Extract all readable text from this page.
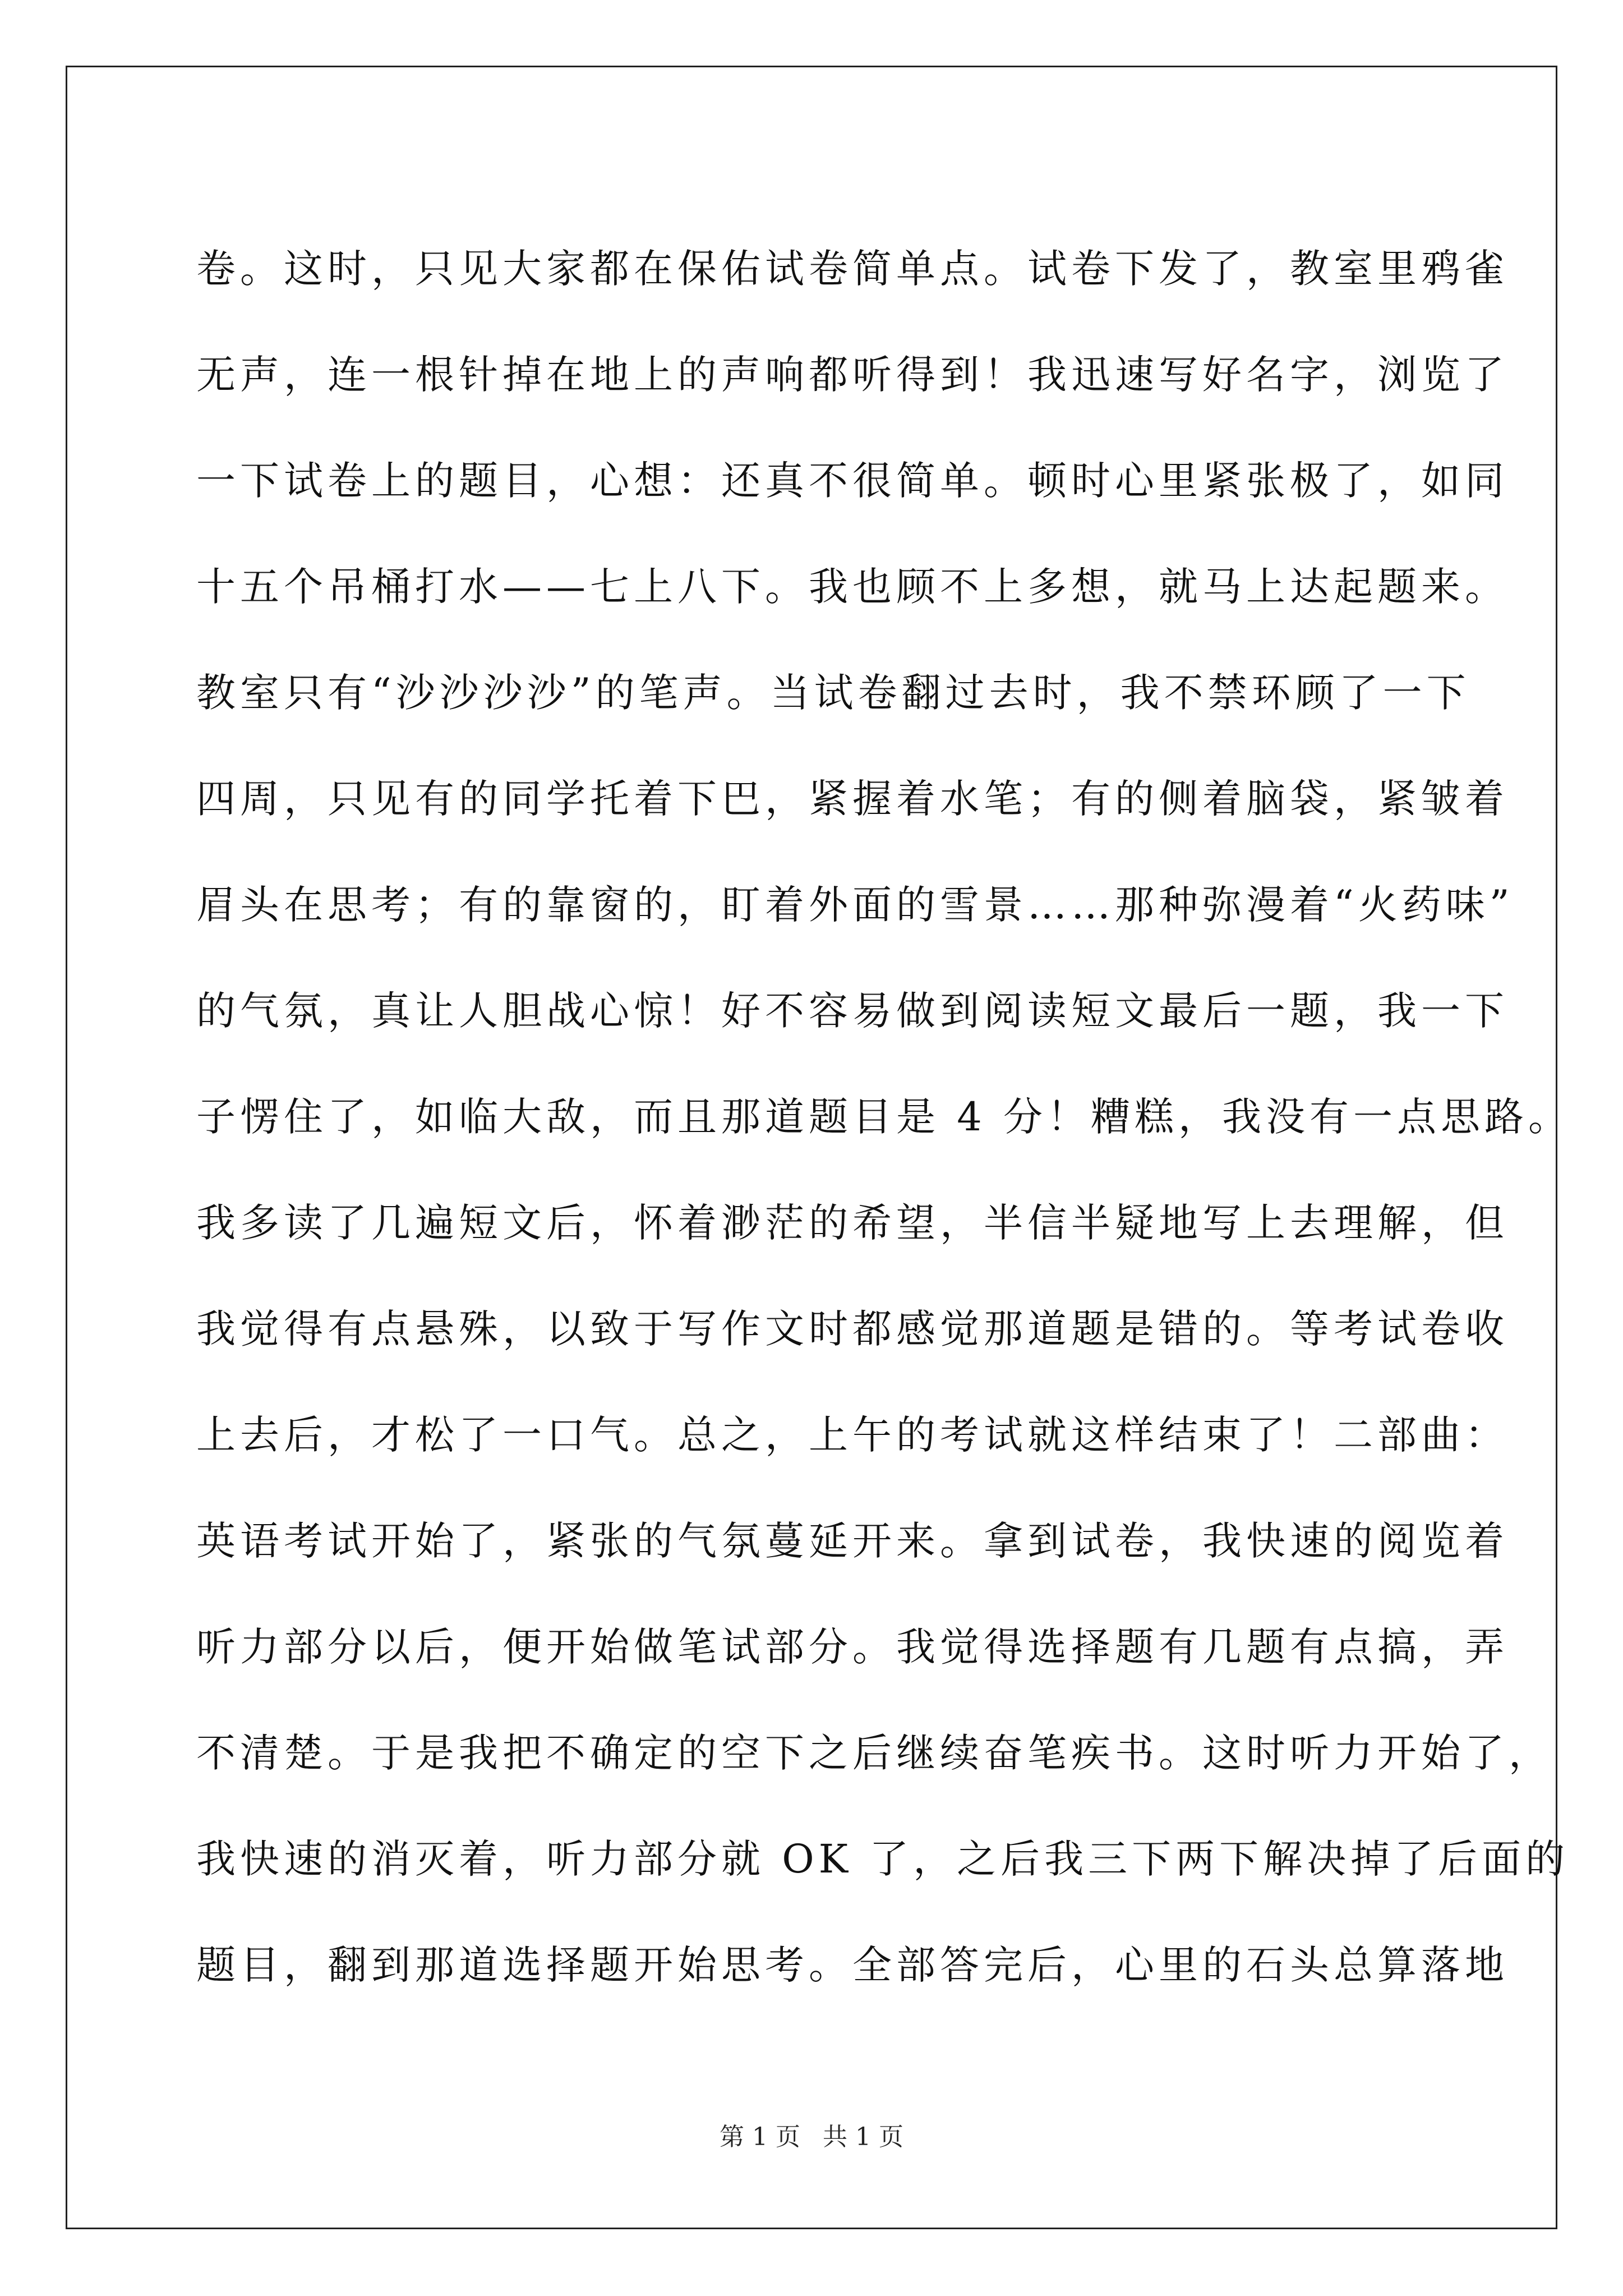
卷。这时，只见大家都在保佑试卷简单点。试卷下发了，教室里鸦雀
无声，连一根针掉在地上的声响都听得到！我迅速写好名字，浏览了
一下试卷上的题目，心想：还真不很简单。顿时心里紧张极了，如同
十五个吊桶打水——七上八下。我也顾不上多想，就马上达起题来。
教室只有“沙沙沙沙”的笔声。当试卷翻过去时，我不禁环顾了一下
四周，只见有的同学托着下巴，紧握着水笔；有的侧着脑袋，紧皱着
眉头在思考；有的靠窗的，盯着外面的雪景……那种弥漫着“火药味”
的气氛，真让人胆战心惊！好不容易做到阅读短文最后一题，我一下
子愣住了，如临大敌，而且那道题目是 4 分！糟糕，我没有一点思路。
我多读了几遍短文后，怀着渺茫的希望，半信半疑地写上去理解，但
我觉得有点悬殊，以致于写作文时都感觉那道题是错的。等考试卷收
上去后，才松了一口气。总之，上午的考试就这样结束了！二部曲：
英语考试开始了，紧张的气氛蔓延开来。拿到试卷，我快速的阅览着
听力部分以后，便开始做笔试部分。我觉得选择题有几题有点搞，弄
不清楚。于是我把不确定的空下之后继续奋笔疾书。这时听力开始了，
我快速的消灭着，听力部分就 OK 了，之后我三下两下解决掉了后面的
题目，翻到那道选择题开始思考。全部答完后，心里的石头总算落地
第 1 页 共 1 页
